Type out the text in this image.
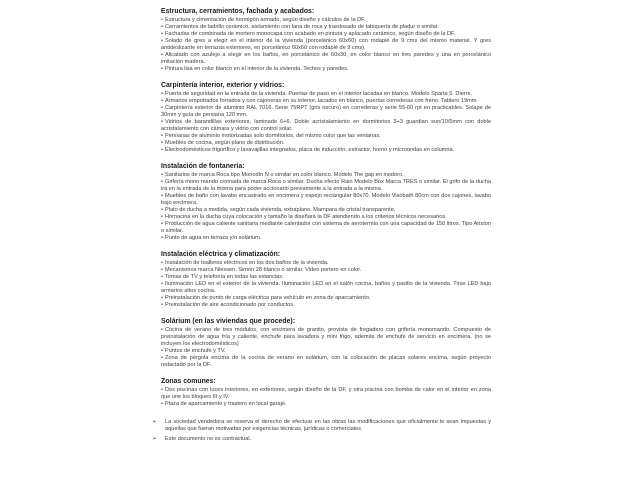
Estructura, cerramientos, fachada y acabados:

• Estructura y cimentación de hormigón armado, según diseño y cálculos de la DF.

• Cerramientos de ladrillo cerámico, aislamiento con lana de roca y trasdosado de tabiquería de pladur o similar.

• Fachadas de combinada de mortero monocapa con acabado en pintura y aplacado cerámico, según diseño de la DF.

• Solado de gres a elegir en el interior de la vivienda (porcelánico 60x60) con rodapié de 9 cms del mismo material. Y gres antideslizante en terrazas exteriores, en porcelánico 60x60 con rodapié de 9 cms).

• Alicatado con azulejo a elegir en los baños, en porcelánico de 60x30, en color blanco en tres paredes y una en porcelánico imitación madera.

• Pintura lisa en color blanco en el interior de la vivienda. Techos y paredes.

Carpintería interior, exterior y vidrios:

• Puerta de seguridad en la entrada de la vivienda. Puertas de paso en el interior lacadas en blanco. Modelo Sparta 5. Dierre.

• Armarios empotrados forrados y con cajoneras en su interior, lacados en blanco, puertas correderas con freno. Tablero 19mm.

• Carpintería exterior de aluminio RAL 7016. Serie 75RPT (gris oscuro) en correderas y serie 55-60 rpt en practicables. Solape de 30mm y guía de persiana 120 mm.

• Vidrios de barandillas exteriores, laminado 6+6. Doble acristalamiento en dormitorios 3+3 guardian sun/10/5mm con doble acristalamiento con cámara y vidrio con control solar.

• Persianas de aluminio motorizadas solo dormitorios, del mismo color que las ventanas.

• Muebles de cocina, según plano de distribución.

• Electrodomésticos frigorífico y lavavajillas integrados, placa de inducción, extractor, horno y microondas en columna.

Instalación de fontanería:

• Sanitarios de marca Roca tipo Monodín N o similar en color blanco. Modelo The gap en inodoro.

• Grifería mono mando cromada de marca Roca o similar. Ducha efecto Rain Modelo Box Marca TRES o similar. El grifo de la ducha irá en la entrada de la misma para poder accionarlo previamente a la entrada a la misma.

• Muebles de baño con lavabo encastrado en encimera y espejo rectángular 80x70. Modelo Visobath 80cm con dos cajones, lavabo bajo encimera.

• Plato de ducha a medida, según cada vivienda, extraplano. Mampara de cristal transparente.

• Hornacina en la ducha cuya colocación y tamaño la diseñará la DF atendiendo a los criterios técnicos necesarios.

• Producción de agua caliente sanitaria mediante calentador con sistema de aerotermia con una capacidad de 150 litros. Tipo Ariston o similar.

• Punto de agua en terraza y/o solárium.

Instalación eléctrica y climatización:

• Instalación de toalleros eléctricos en los dos baños de la vivienda.

• Mecanismos marca Niessen, Simón 28 blanco o similar. Video portero en color.

• Tomas de TV y telefonía en todas las estancias.

• Iluminación LED en el exterior de la vivienda. Iluminación LED en el salón cocina, baños y pasillo de la vivienda. Tiras LED bajo armarios altos cocina.

• Preinstalación de punto de carga eléctrica para vehículo en zona de aparcamiento.

• Preinstalación de aire acondicionado por conductos.

Solárium (en las viviendas que procede):

• Cocina de verano de tres módulos, con encimera de granito, provista de fregadero con grifería monomando. Compuesto de preinstalación de agua fría y caliente, enchufe para lavadora y mini frigo, además de enchufe de servicio en encimera. (no se incluyen los electrodomésticos)

• Puntos de enchufe y TV.

• Zona de pérgola encima de la cocina de verano en solárium, con la colocación de placas solares encima, según proyecto redactado por la DF.

Zonas comunes:

• Dos piscinas con luces interiores, en exteriores, según diseño de la DF, y otra piscina con bomba de calor en el interior en zona que une los bloques III y IV.

• Plaza de aparcamiento y trastero en local garaje.

➢ La sociedad vendedora se reserva el derecho de efectuar en las obras las modificaciones que oficialmente le sean impuestas y aquellas que fueran motivadas por exigencias técnicas, jurídicas o comerciales.

➢ Este documento no es contractual.
